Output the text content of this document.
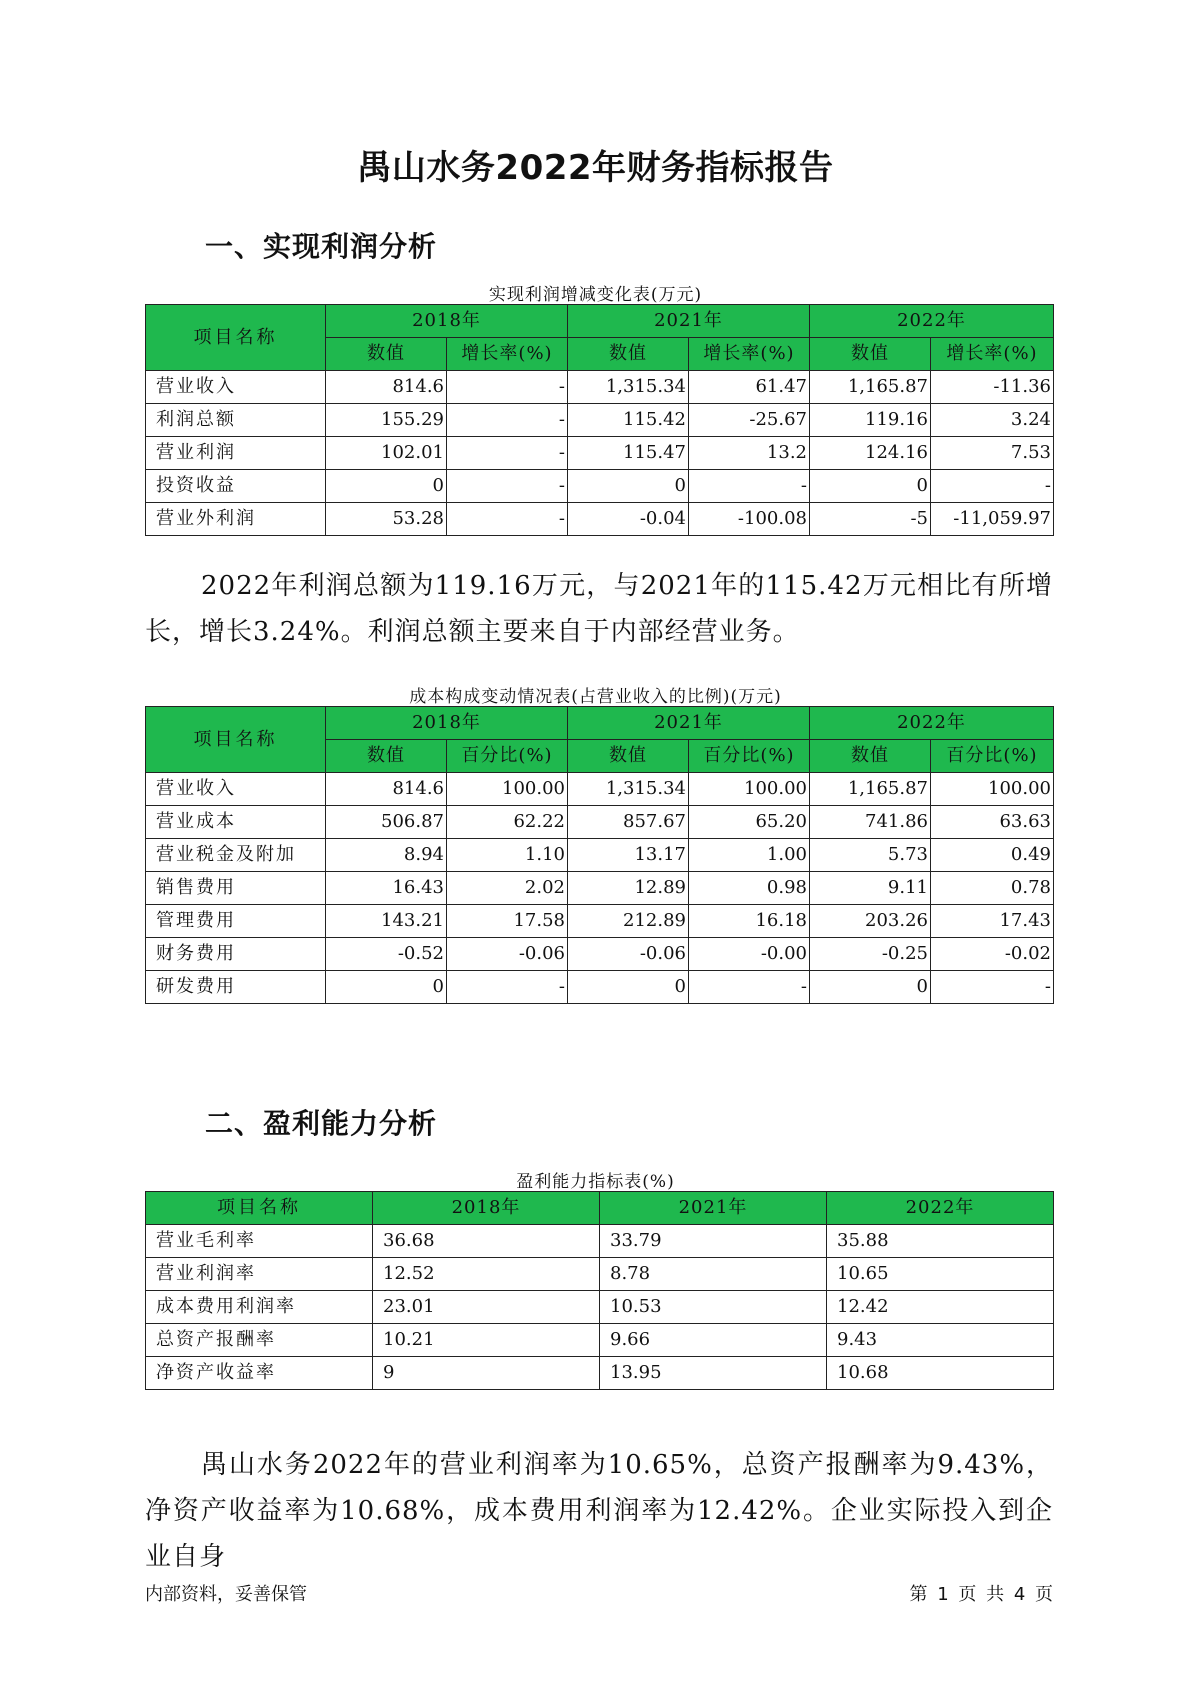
禺山水务2022年财务指标报告
一、实现利润分析
实现利润增减变化表(万元)
项目名称	2018年		2021年		2022年	
	数值	增长率(%)	数值	增长率(%)	数值	增长率(%)
营业收入	814.6	-	1,315.34	61.47	1,165.87	-11.36
利润总额	155.29	-	115.42	-25.67	119.16	3.24
营业利润	102.01	-	115.47	13.2	124.16	7.53
投资收益	0	-	0	-	0	-
营业外利润	53.28	-	-0.04	-100.08	-5	-11,059.97
2022年利润总额为119.16万元，与2021年的115.42万元相比有所增长，增长3.24%。利润总额主要来自于内部经营业务。
成本构成变动情况表(占营业收入的比例)(万元)
项目名称	2018年		2021年		2022年	
	数值	百分比(%)	数值	百分比(%)	数值	百分比(%)
营业收入	814.6	100.00	1,315.34	100.00	1,165.87	100.00
营业成本	506.87	62.22	857.67	65.20	741.86	63.63
营业税金及附加	8.94	1.10	13.17	1.00	5.73	0.49
销售费用	16.43	2.02	12.89	0.98	9.11	0.78
管理费用	143.21	17.58	212.89	16.18	203.26	17.43
财务费用	-0.52	-0.06	-0.06	-0.00	-0.25	-0.02
研发费用	0	-	0	-	0	-
二、盈利能力分析
盈利能力指标表(%)
项目名称	2018年	2021年	2022年
营业毛利率	36.68	33.79	35.88
营业利润率	12.52	8.78	10.65
成本费用利润率	23.01	10.53	12.42
总资产报酬率	10.21	9.66	9.43
净资产收益率	9	13.95	10.68
禺山水务2022年的营业利润率为10.65%，总资产报酬率为9.43%，净资产收益率为10.68%，成本费用利润率为12.42%。企业实际投入到企业自身
内部资料，妥善保管	第 1 页 共 4 页
